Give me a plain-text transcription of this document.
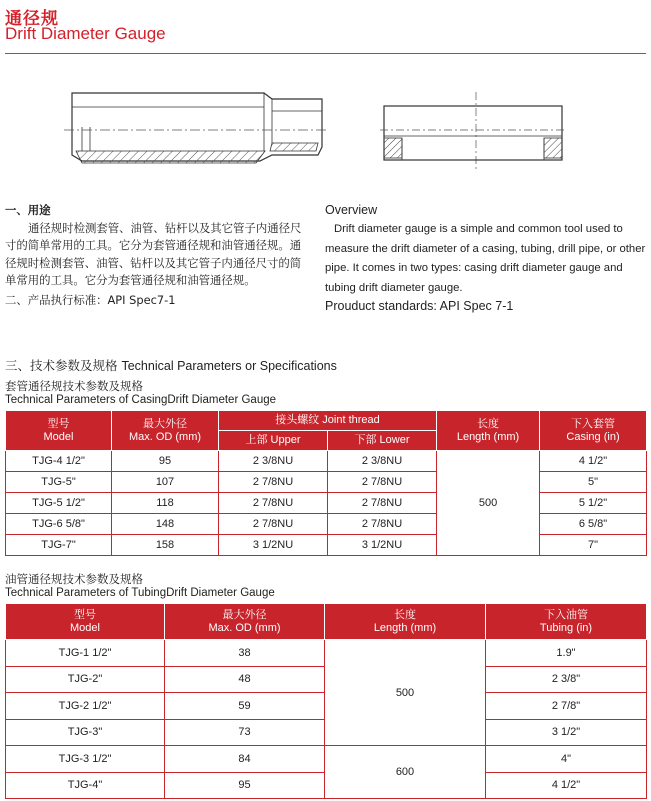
通径规
Drift Diameter Gauge
一、用途
通径规时检测套管、油管、钻杆以及其它管子内通径尺寸的简单常用的工具。它分为套管通径规和油管通径规。通径规时检测套管、油管、钻杆以及其它管子内通径尺寸的简单常用的工具。它分为套管通径规和油管通径规。
二、产品执行标准：API Spec7-1
Overview
Drift diameter gauge is a simple and common tool used to measure the drift diameter of a casing, tubing, drill pipe, or other pipe. It comes in two types: casing drift diameter gauge and tubing drift diameter gauge.
Prouduct standards: API Spec 7-1
三、技术参数及规格 Technical Parameters or Specifications
套管通径规技术参数及规格
Technical Parameters of CasingDrift Diameter Gauge
型号
Model	最大外径
Max. OD (mm)	接头螺纹 Joint thread		长度
Length (mm)	下入套管
Casing (in)

		上部 Upper	下部 Lower		
TJG-4 1/2"	95	2 3/8NU	2 3/8NU	500	4 1/2"
TJG-5"	107	2 7/8NU	2 7/8NU		5"
TJG-5 1/2"	118	2 7/8NU	2 7/8NU		5 1/2"
TJG-6 5/8"	148	2 7/8NU	2 7/8NU		6 5/8"
TJG-7"	158	3 1/2NU	3 1/2NU		7"
油管通径规技术参数及规格
Technical Parameters of TubingDrift Diameter Gauge
型号
Model	最大外径
Max. OD (mm)	长度
Length (mm)	下入油管
Tubing (in)

TJG-1 1/2"	38	500	1.9"
TJG-2"	48		2 3/8"
TJG-2 1/2"	59		2 7/8"
TJG-3"	73		3 1/2"
TJG-3 1/2"	84	600	4"
TJG-4"	95		4 1/2"
